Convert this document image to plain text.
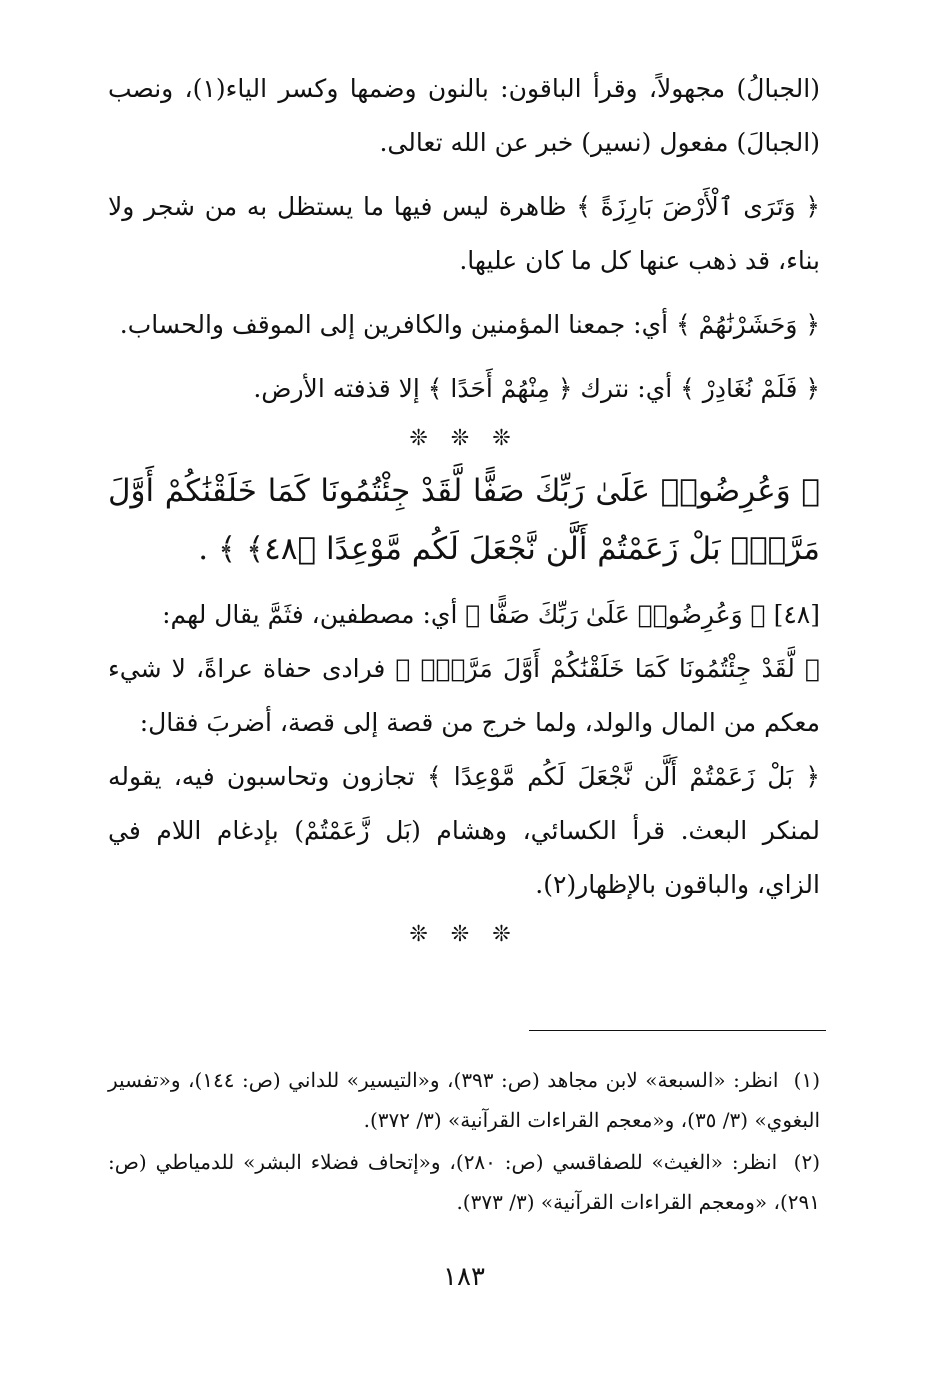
(الجبالُ) مجهولاً، وقرأ الباقون: بالنون وضمها وكسر الياء(١)، ونصب (الجبالَ) مفعول (نسير) خبر عن الله تعالى.

﴿ وَتَرَى ٱلْأَرْضَ بَارِزَةً ﴾ ظاهرة ليس فيها ما يستظل به من شجر ولا بناء، قد ذهب عنها كل ما كان عليها.

﴿ وَحَشَرْنَٰهُمْ ﴾ أي: جمعنا المؤمنين والكافرين إلى الموقف والحساب.

﴿ فَلَمْ نُغَادِرْ ﴾ أي: نترك ﴿ مِنْهُمْ أَحَدًا ﴾ إلا قذفته الأرض.

❊ ❊ ❊

﴿ وَعُرِضُوا۟ عَلَىٰ رَبِّكَ صَفًّا لَّقَدْ جِئْتُمُونَا كَمَا خَلَقْنَٰكُمْ أَوَّلَ مَرَّةٍۭ بَلْ زَعَمْتُمْ أَلَّن نَّجْعَلَ لَكُم مَّوْعِدًا ﴿٤٨﴾ ﴾ .

[٤٨] ﴿ وَعُرِضُوا۟ عَلَىٰ رَبِّكَ صَفًّا ﴾ أي: مصطفين، فثَمَّ يقال لهم:

﴿ لَّقَدْ جِئْتُمُونَا كَمَا خَلَقْنَٰكُمْ أَوَّلَ مَرَّةٍۭ ﴾ فرادى حفاة عراةً، لا شيء معكم من المال والولد، ولما خرج من قصة إلى قصة، أضربَ فقال:

﴿ بَلْ زَعَمْتُمْ أَلَّن نَّجْعَلَ لَكُم مَّوْعِدًا ﴾ تجازون وتحاسبون فيه، يقوله لمنكر البعث. قرأ الكسائي، وهشام (بَل زَّعَمْتُمْ) بإدغام اللام في الزاي، والباقون بالإظهار(٢).

❊ ❊ ❊

(١) انظر: «السبعة» لابن مجاهد (ص: ٣٩٣)، و«التيسير» للداني (ص: ١٤٤)، و«تفسير البغوي» (٣/ ٣٥)، و«معجم القراءات القرآنية» (٣/ ٣٧٢).

(٢) انظر: «الغيث» للصفاقسي (ص: ٢٨٠)، و«إتحاف فضلاء البشر» للدمياطي (ص: ٢٩١)، «ومعجم القراءات القرآنية» (٣/ ٣٧٣).

١٨٣
